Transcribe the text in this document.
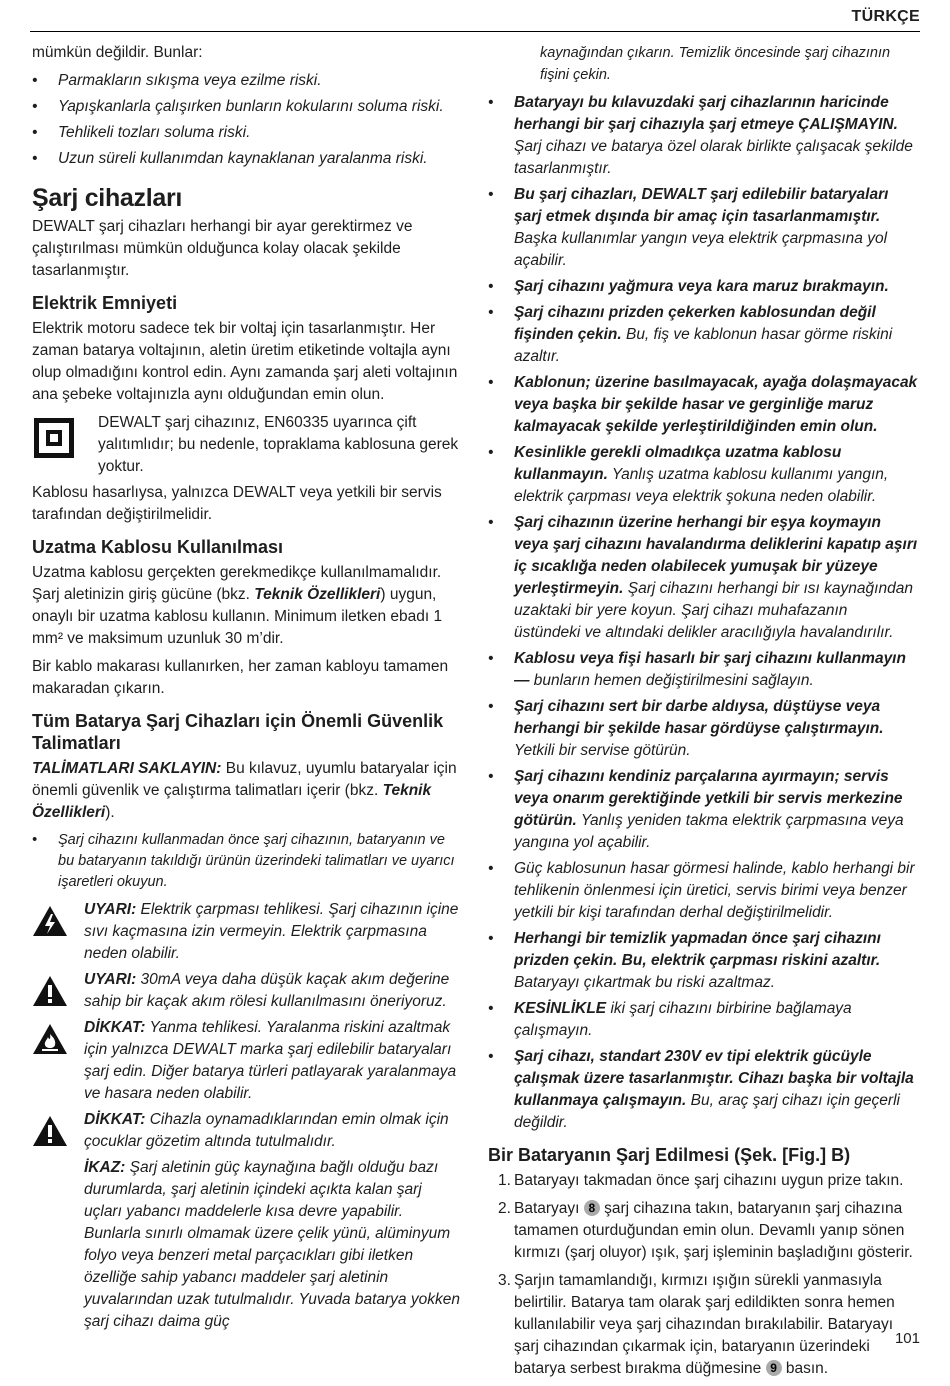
TÜRKÇE

mümkün değildir. Bunlar:

• Parmakların sıkışma veya ezilme riski.
• Yapışkanlarla çalışırken bunların kokularını soluma riski.
• Tehlikeli tozları soluma riski.
• Uzun süreli kullanımdan kaynaklanan yaralanma riski.
Şarj cihazları

DEWALT şarj cihazları herhangi bir ayar gerektirmez ve çalıştırılması mümkün olduğunca kolay olacak şekilde tasarlanmıştır.

Elektrik Emniyeti

Elektrik motoru sadece tek bir voltaj için tasarlanmıştır. Her zaman batarya voltajının, aletin üretim etiketinde voltajla aynı olup olmadığını kontrol edin. Aynı zamanda şarj aleti voltajının ana şebeke voltajınızla aynı olduğundan emin olun.

DEWALT şarj cihazınız, EN60335 uyarınca çift yalıtımlıdır; bu nedenle, topraklama kablosuna gerek yoktur.

Kablosu hasarlıysa, yalnızca DEWALT veya yetkili bir servis tarafından değiştirilmelidir.

Uzatma Kablosu Kullanılması

Uzatma kablosu gerçekten gerekmedikçe kullanılmamalıdır. Şarj aletinizin giriş gücüne (bkz. Teknik Özellikleri) uygun, onaylı bir uzatma kablosu kullanın. Minimum iletken ebadı 1 mm² ve maksimum uzunluk 30 m’dir.

Bir kablo makarası kullanırken, her zaman kabloyu tamamen makaradan çıkarın.

Tüm Batarya Şarj Cihazları için Önemli Güvenlik Talimatları

TALİMATLARI SAKLAYIN: Bu kılavuz, uyumlu bataryalar için önemli güvenlik ve çalıştırma talimatları içerir (bkz. Teknik Özellikleri).

• Şarj cihazını kullanmadan önce şarj cihazının, bataryanın ve bu bataryanın takıldığı ürünün üzerindeki talimatları ve uyarıcı işaretleri okuyun.
UYARI: Elektrik çarpması tehlikesi. Şarj cihazının içine sıvı kaçmasına izin vermeyin. Elektrik çarpmasına neden olabilir.
UYARI: 30mA veya daha düşük kaçak akım değerine sahip bir kaçak akım rölesi kullanılmasını öneriyoruz.
DİKKAT: Yanma tehlikesi. Yaralanma riskini azaltmak için yalnızca DEWALT marka şarj edilebilir bataryaları şarj edin. Diğer batarya türleri patlayarak yaralanmaya ve hasara neden olabilir.
DİKKAT: Cihazla oynamadıklarından emin olmak için çocuklar gözetim altında tutulmalıdır.
İKAZ: Şarj aletinin güç kaynağına bağlı olduğu bazı durumlarda, şarj aletinin içindeki açıkta kalan şarj uçları yabancı maddelerle kısa devre yapabilir. Bunlarla sınırlı olmamak üzere çelik yünü, alüminyum folyo veya benzeri metal parçacıkları gibi iletken özelliğe sahip yabancı maddeler şarj aletinin yuvalarından uzak tutulmalıdır. Yuvada batarya yokken şarj cihazı daima güç

kaynağından çıkarın. Temizlik öncesinde şarj cihazının fişini çekin.

• Bataryayı bu kılavuzdaki şarj cihazlarının haricinde herhangi bir şarj cihazıyla şarj etmeye ÇALIŞMAYIN. Şarj cihazı ve batarya özel olarak birlikte çalışacak şekilde tasarlanmıştır.
• Bu şarj cihazları, DEWALT şarj edilebilir bataryaları şarj etmek dışında bir amaç için tasarlanmamıştır. Başka kullanımlar yangın veya elektrik çarpmasına yol açabilir.
• Şarj cihazını yağmura veya kara maruz bırakmayın.
• Şarj cihazını prizden çekerken kablosundan değil fişinden çekin. Bu, fiş ve kablonun hasar görme riskini azaltır.
• Kablonun; üzerine basılmayacak, ayağa dolaşmayacak veya başka bir şekilde hasar ve gerginliğe maruz kalmayacak şekilde yerleştirildiğinden emin olun.
• Kesinlikle gerekli olmadıkça uzatma kablosu kullanmayın. Yanlış uzatma kablosu kullanımı yangın, elektrik çarpması veya elektrik şokuna neden olabilir.
• Şarj cihazının üzerine herhangi bir eşya koymayın veya şarj cihazını havalandırma deliklerini kapatıp aşırı iç sıcaklığa neden olabilecek yumuşak bir yüzeye yerleştirmeyin. Şarj cihazını herhangi bir ısı kaynağından uzaktaki bir yere koyun. Şarj cihazı muhafazanın üstündeki ve altındaki delikler aracılığıyla havalandırılır.
• Kablosu veya fişi hasarlı bir şarj cihazını kullanmayın— bunların hemen değiştirilmesini sağlayın.
• Şarj cihazını sert bir darbe aldıysa, düştüyse veya herhangi bir şekilde hasar gördüyse çalıştırmayın. Yetkili bir servise götürün.
• Şarj cihazını kendiniz parçalarına ayırmayın; servis veya onarım gerektiğinde yetkili bir servis merkezine götürün. Yanlış yeniden takma elektrik çarpmasına veya yangına yol açabilir.
• Güç kablosunun hasar görmesi halinde, kablo herhangi bir tehlikenin önlenmesi için üretici, servis birimi veya benzer yetkili bir kişi tarafından derhal değiştirilmelidir.
• Herhangi bir temizlik yapmadan önce şarj cihazını prizden çekin. Bu, elektrik çarpması riskini azaltır. Bataryayı çıkartmak bu riski azaltmaz.
• KESİNLİKLE iki şarj cihazını birbirine bağlamaya çalışmayın.
• Şarj cihazı, standart 230V ev tipi elektrik gücüyle çalışmak üzere tasarlanmıştır. Cihazı başka bir voltajla kullanmaya çalışmayın. Bu, araç şarj cihazı için geçerli değildir.
Bir Bataryanın Şarj Edilmesi (Şek. [Fig.] B)
1. Bataryayı takmadan önce şarj cihazını uygun prize takın.
2. Bataryayı 8 şarj cihazına takın, bataryanın şarj cihazına tamamen oturduğundan emin olun. Devamlı yanıp sönen kırmızı (şarj oluyor) ışık, şarj işleminin başladığını gösterir.
3. Şarjın tamamlandığı, kırmızı ışığın sürekli yanmasıyla belirtilir. Batarya tam olarak şarj edildikten sonra hemen kullanılabilir veya şarj cihazından bırakılabilir. Bataryayı şarj cihazından çıkarmak için, bataryanın üzerindeki batarya serbest bırakma düğmesine 9 basın.
101
